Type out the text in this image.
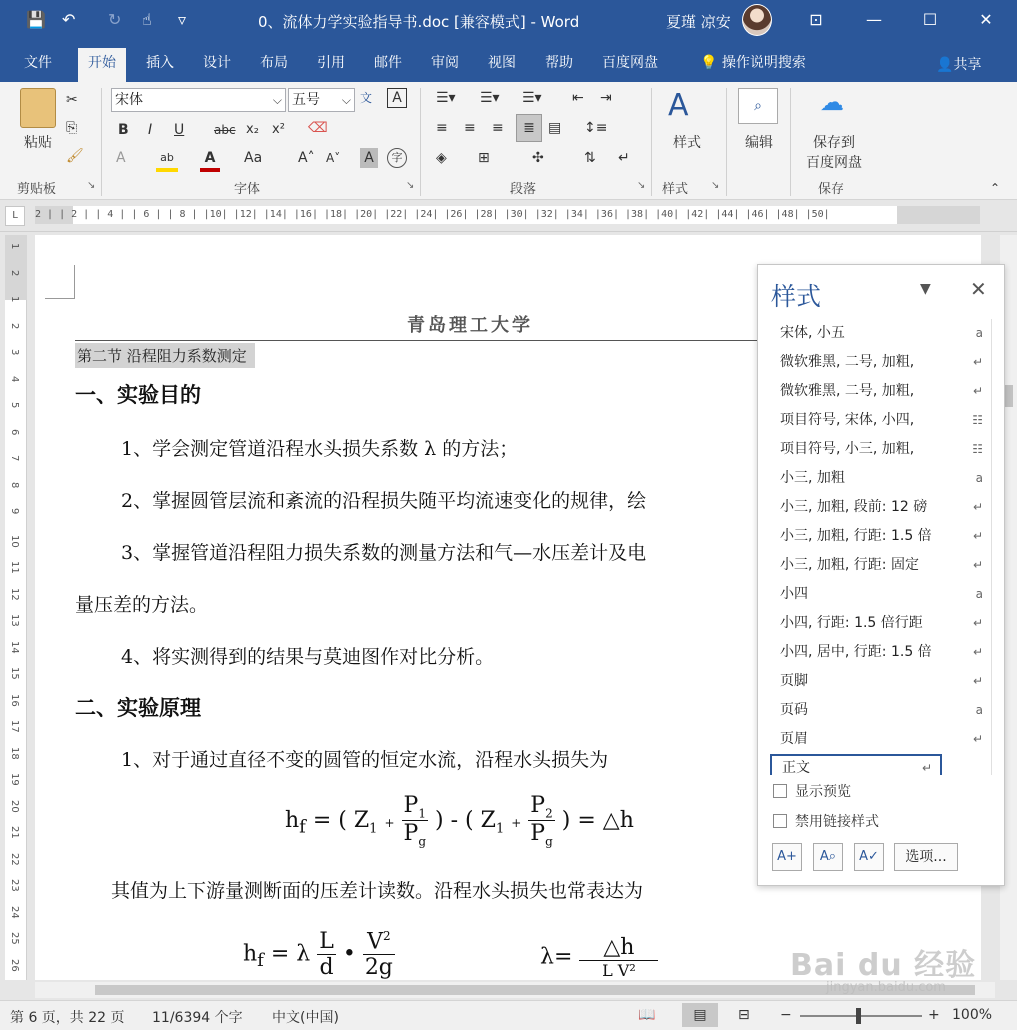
💾 ↶ ↻ ☝ ▿	0、流体力学实验指导书.doc [兼容模式] - Word	夏瑾 凉安	⊡	—	☐	✕
文件	开始	插入	设计	布局	引用	邮件	审阅	视图	帮助	百度网盘	💡 操作说明搜索	👤共享
粘贴
✂
⎘
🖌
剪贴板	↘
宋体	⌵ 五号 ⌵ 文	A
B I U abc x₂ x² ⌫
A	ab	A	Aa	A˄ A˅	A	字
字体	↘
☰▾ ☰▾ ☰▾ ⇤ ⇥
≡ ≡ ≡	≣ ▤ ↕≡
◈ ⊞	✣	⇅ ↵
段落	↘
A
样式
样式 ↘
⌕
编辑
☁
保存到
百度网盘
保存	⌃
L	2 | | 2 | | 4 | | 6 | | 8 | |10| |12| |14| |16| |18| |20| |22| |24| |26| |28| |30| |32| |34| |36| |38| |40| |42| |44| |46| |48| |50|
1
2
1
2
3
4
5
6
7
8
9
10
11
12
13
14
15
16
17
18
19
20
21
22
23
24
25
26
青岛理工大学
第二节 沿程阻力系数测定
一、实验目的
1、学会测定管道沿程水头损失系数 λ 的方法；
2、掌握圆管层流和紊流的沿程损失随平均流速变化的规律，绘
3、掌握管道沿程阻力损失系数的测量方法和气—水压差计及电
量压差的方法。
4、将实测得到的结果与莫迪图作对比分析。
二、实验原理
1、对于通过直径不变的圆管的恒定水流，沿程水头损失为
$h_f$ = ( $Z_1 + \frac{P_1}{P_g}$ ) - ( $Z_1 + \frac{P_2}{P_g}$ ) = △h
其值为上下游量测断面的压差计读数。沿程水头损失也常表达为
$h_f = \lambda \frac{L}{d}$ • $\frac{V^2}{2g}$	$\lambda= \frac{\triangle h}{\text{L V²}}$
样式	▼ ✕
宋体, 小五	a
微软雅黑, 二号, 加粗,	↵
微软雅黑, 二号, 加粗,	↵
项目符号, 宋体, 小四,	☷
项目符号, 小三, 加粗,	☷
小三, 加粗	a
小三, 加粗, 段前: 12 磅	↵
小三, 加粗, 行距: 1.5 倍	↵
小三, 加粗, 行距: 固定	↵
小四	a
小四, 行距: 1.5 倍行距	↵
小四, 居中, 行距: 1.5 倍	↵
页脚	↵
页码	a
页眉	↵
正文	↵
显示预览
禁用链接样式
A+	A⌕	A✓	选项...
第 6 页，共 22 页 11/6394 个字 中文(中国)	📖	▤	⊟ −	+ 100%
Bai du 经验
jingyan.baidu.com
